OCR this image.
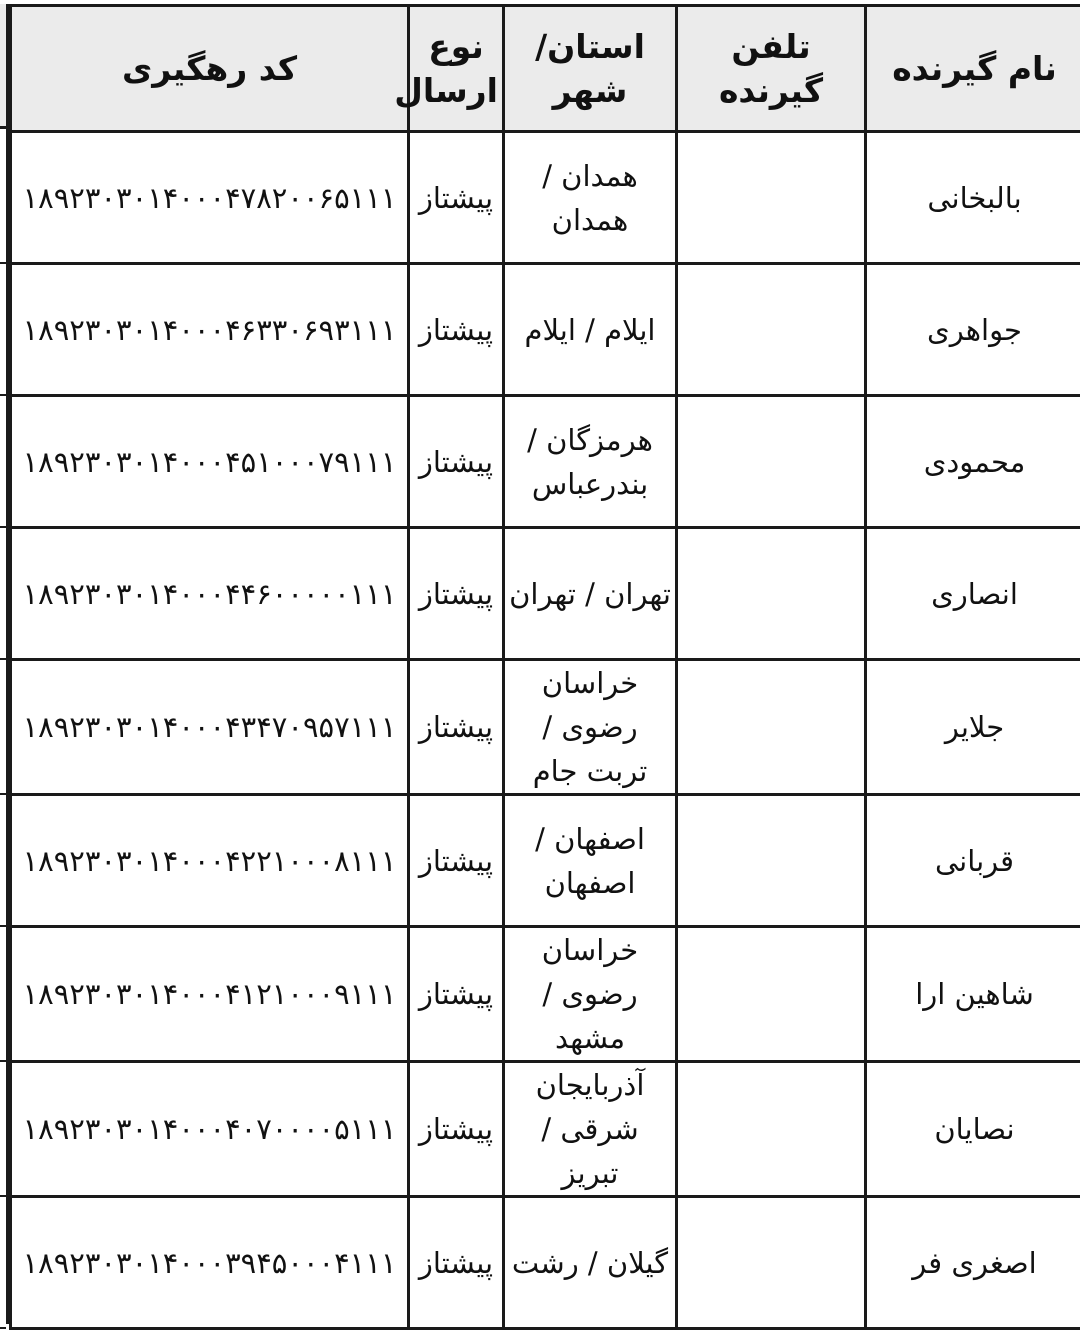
نام گیرنده	تلفن گیرنده	استان/ شهر	نوع ارسال	کد رهگیری
بالبخانی		همدان / همدان	پیشتاز	۱۸۹۲۳۰۳۰۱۴۰۰۰۴۷۸۲۰۰۶۵۱۱۱
جواهری		ایلام / ایلام	پیشتاز	۱۸۹۲۳۰۳۰۱۴۰۰۰۴۶۳۳۰۶۹۳۱۱۱
محمودی		هرمزگان / بندرعباس	پیشتاز	۱۸۹۲۳۰۳۰۱۴۰۰۰۴۵۱۰۰۰۷۹۱۱۱
انصاری		تهران / تهران	پیشتاز	۱۸۹۲۳۰۳۰۱۴۰۰۰۴۴۶۰۰۰۰۰۱۱۱
جلایر		خراسان رضوی / تربت جام	پیشتاز	۱۸۹۲۳۰۳۰۱۴۰۰۰۴۳۴۷۰۹۵۷۱۱۱
قربانی		اصفهان / اصفهان	پیشتاز	۱۸۹۲۳۰۳۰۱۴۰۰۰۴۲۲۱۰۰۰۸۱۱۱
شاهین ارا		خراسان رضوی / مشهد	پیشتاز	۱۸۹۲۳۰۳۰۱۴۰۰۰۴۱۲۱۰۰۰۹۱۱۱
نصایان		آذربایجان شرقی / تبریز	پیشتاز	۱۸۹۲۳۰۳۰۱۴۰۰۰۴۰۷۰۰۰۰۵۱۱۱
اصغری فر		گیلان / رشت	پیشتاز	۱۸۹۲۳۰۳۰۱۴۰۰۰۳۹۴۵۰۰۰۴۱۱۱
